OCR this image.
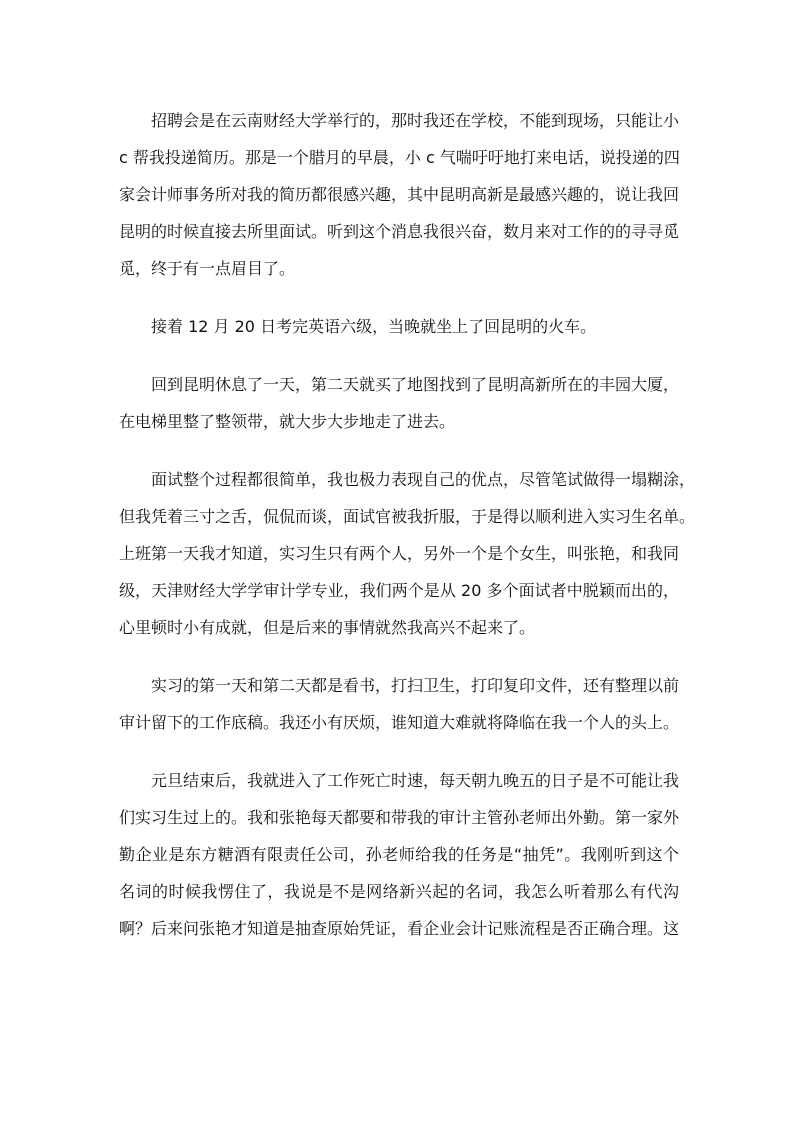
招聘会是在云南财经大学举行的，那时我还在学校，不能到现场，只能让小
c 帮我投递简历。那是一个腊月的早晨，小 c 气喘吁吁地打来电话，说投递的四
家会计师事务所对我的简历都很感兴趣，其中昆明高新是最感兴趣的，说让我回
昆明的时候直接去所里面试。听到这个消息我很兴奋，数月来对工作的的寻寻觅
觅，终于有一点眉目了。
接着 12 月 20 日考完英语六级，当晚就坐上了回昆明的火车。
回到昆明休息了一天，第二天就买了地图找到了昆明高新所在的丰园大厦，
在电梯里整了整领带，就大步大步地走了进去。
面试整个过程都很简单，我也极力表现自己的优点，尽管笔试做得一塌糊涂，
但我凭着三寸之舌，侃侃而谈，面试官被我折服，于是得以顺利进入实习生名单。
上班第一天我才知道，实习生只有两个人，另外一个是个女生，叫张艳，和我同
级，天津财经大学学审计学专业，我们两个是从 20 多个面试者中脱颖而出的，
心里顿时小有成就，但是后来的事情就然我高兴不起来了。
实习的第一天和第二天都是看书，打扫卫生，打印复印文件，还有整理以前
审计留下的工作底稿。我还小有厌烦，谁知道大难就将降临在我一个人的头上。
元旦结束后，我就进入了工作死亡时速，每天朝九晚五的日子是不可能让我
们实习生过上的。我和张艳每天都要和带我的审计主管孙老师出外勤。第一家外
勤企业是东方糖酒有限责任公司，孙老师给我的任务是“抽凭”。我刚听到这个
名词的时候我愣住了，我说是不是网络新兴起的名词，我怎么听着那么有代沟
啊？后来问张艳才知道是抽查原始凭证，看企业会计记账流程是否正确合理。这
